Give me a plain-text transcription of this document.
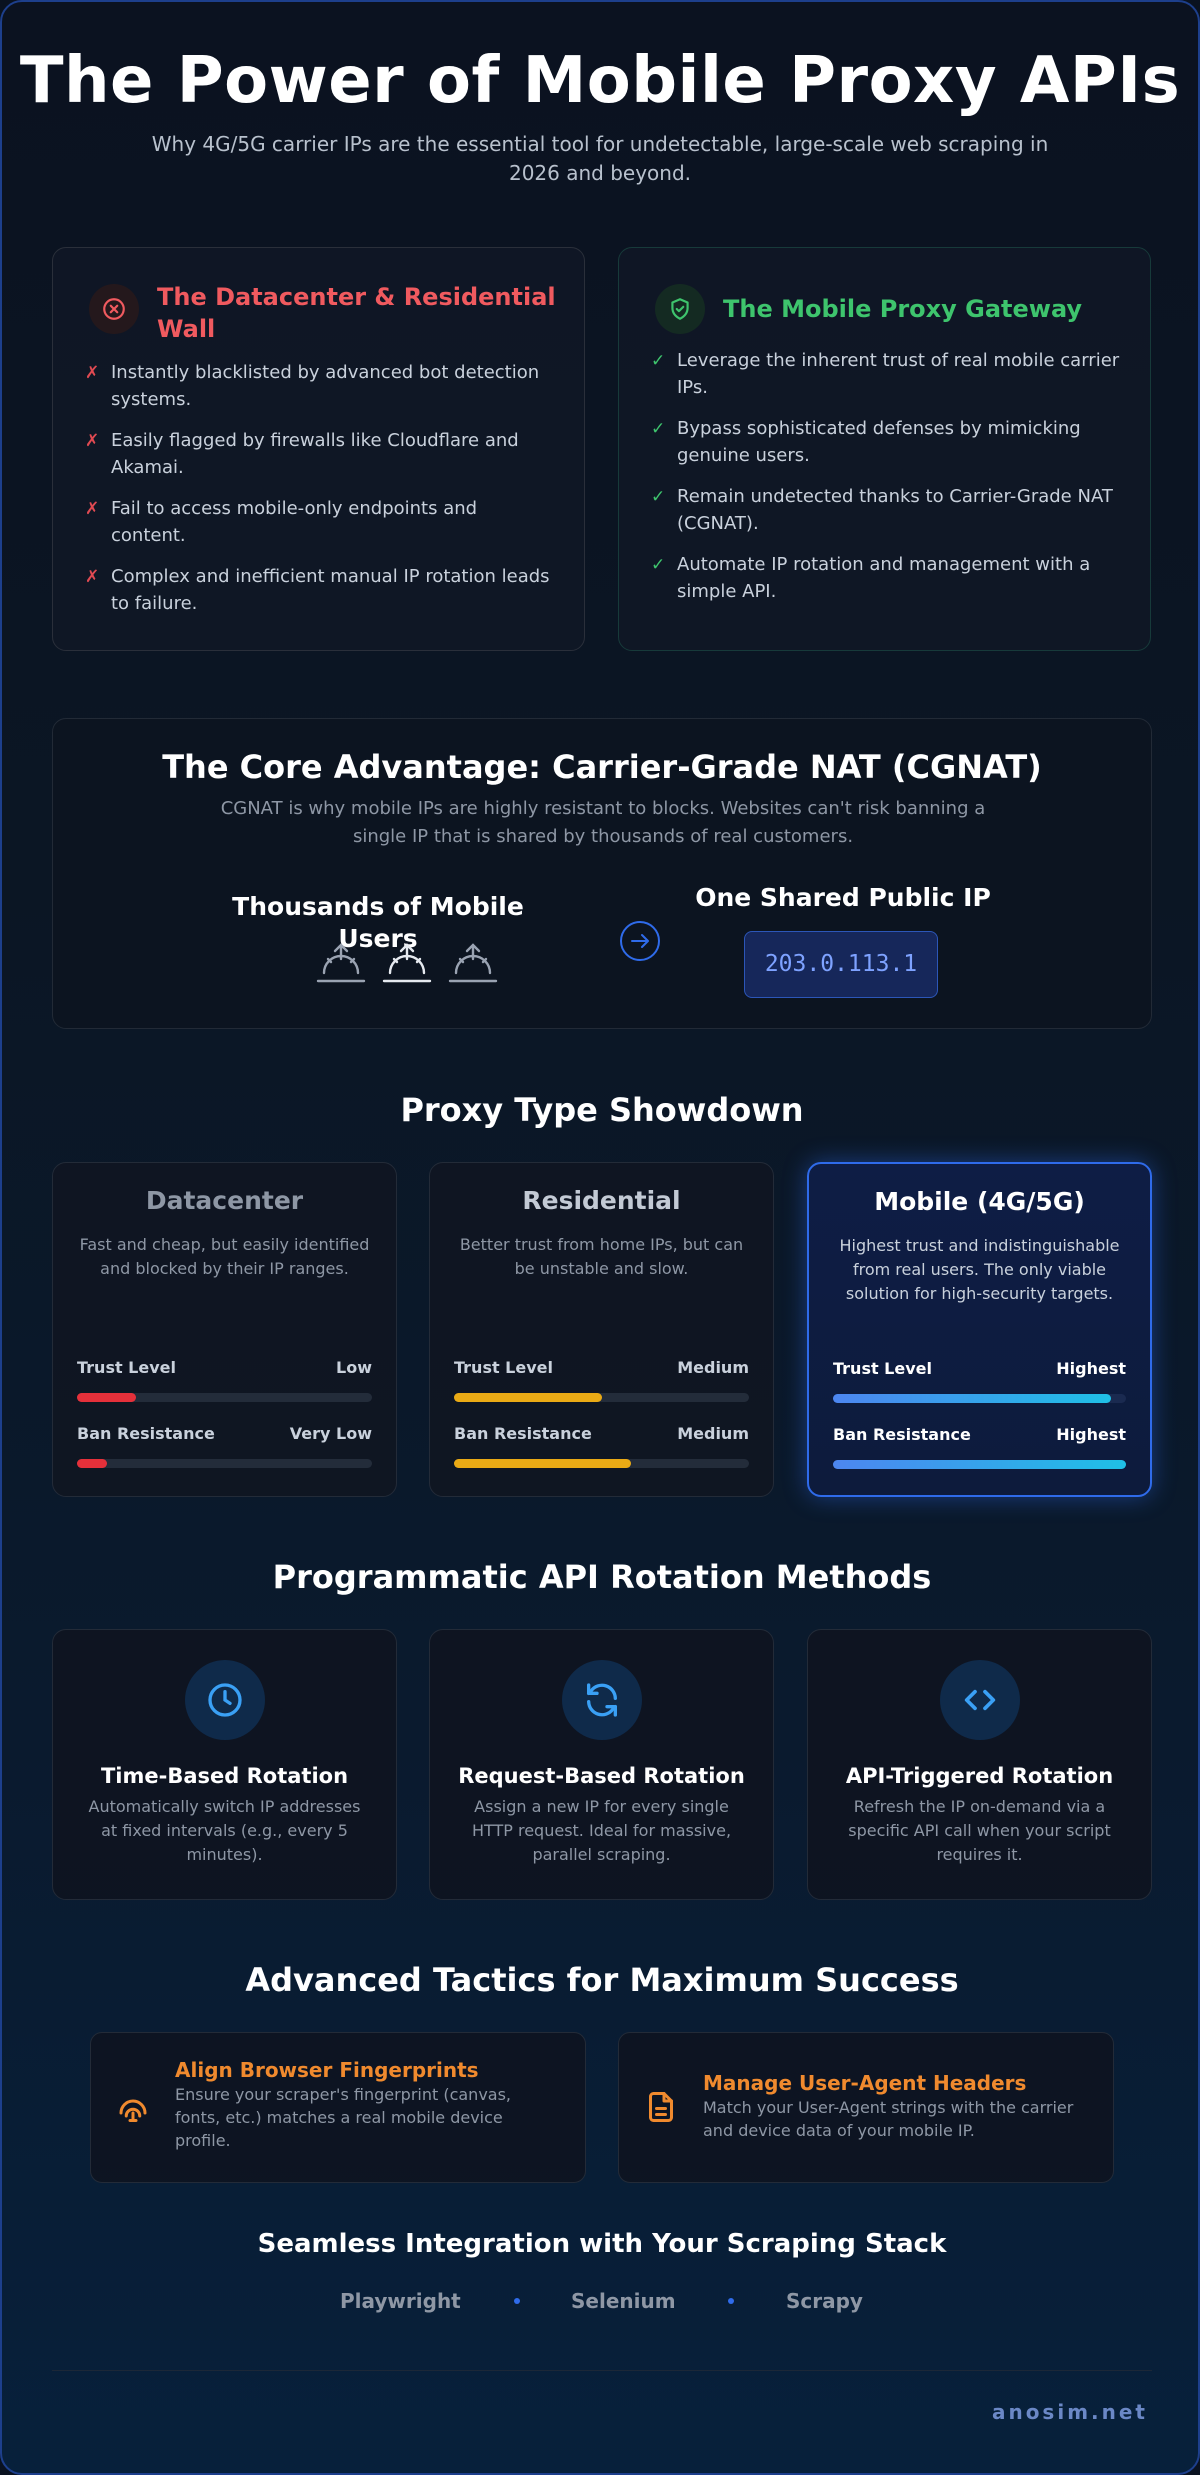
The Power of Mobile Proxy APIs

Why 4G/5G carrier IPs are the essential tool for undetectable, large-scale web scraping in 2026 and beyond.

The Datacenter & Residential Wall
✗ Instantly blacklisted by advanced bot detection systems.
✗ Easily flagged by firewalls like Cloudflare and Akamai.
✗ Fail to access mobile-only endpoints and content.
✗ Complex and inefficient manual IP rotation leads to failure.
The Mobile Proxy Gateway
✓ Leverage the inherent trust of real mobile carrier IPs.
✓ Bypass sophisticated defenses by mimicking genuine users.
✓ Remain undetected thanks to Carrier-Grade NAT (CGNAT).
✓ Automate IP rotation and management with a simple API.
The Core Advantage: Carrier-Grade NAT (CGNAT)
CGNAT is why mobile IPs are highly resistant to blocks. Websites can't risk banning a single IP that is shared by thousands of real customers.
Thousands of Mobile Users
One Shared Public IP
203.0.113.1
Proxy Type Showdown
Datacenter
Fast and cheap, but easily identified and blocked by their IP ranges.
Trust Level	Low
Ban Resistance	Very Low
Residential
Better trust from home IPs, but can be unstable and slow.
Trust Level	Medium
Ban Resistance	Medium
Mobile (4G/5G)
Highest trust and indistinguishable from real users. The only viable solution for high-security targets.
Trust Level	Highest
Ban Resistance	Highest
Programmatic API Rotation Methods
Time-Based Rotation
Automatically switch IP addresses at fixed intervals (e.g., every 5 minutes).
Request-Based Rotation
Assign a new IP for every single HTTP request. Ideal for massive, parallel scraping.
API-Triggered Rotation
Refresh the IP on-demand via a specific API call when your script requires it.
Advanced Tactics for Maximum Success
Align Browser Fingerprints
Ensure your scraper's fingerprint (canvas, fonts, etc.) matches a real mobile device profile.
Manage User-Agent Headers
Match your User-Agent strings with the carrier and device data of your mobile IP.
Seamless Integration with Your Scraping Stack
Playwright	Selenium	Scrapy
anosim.net
